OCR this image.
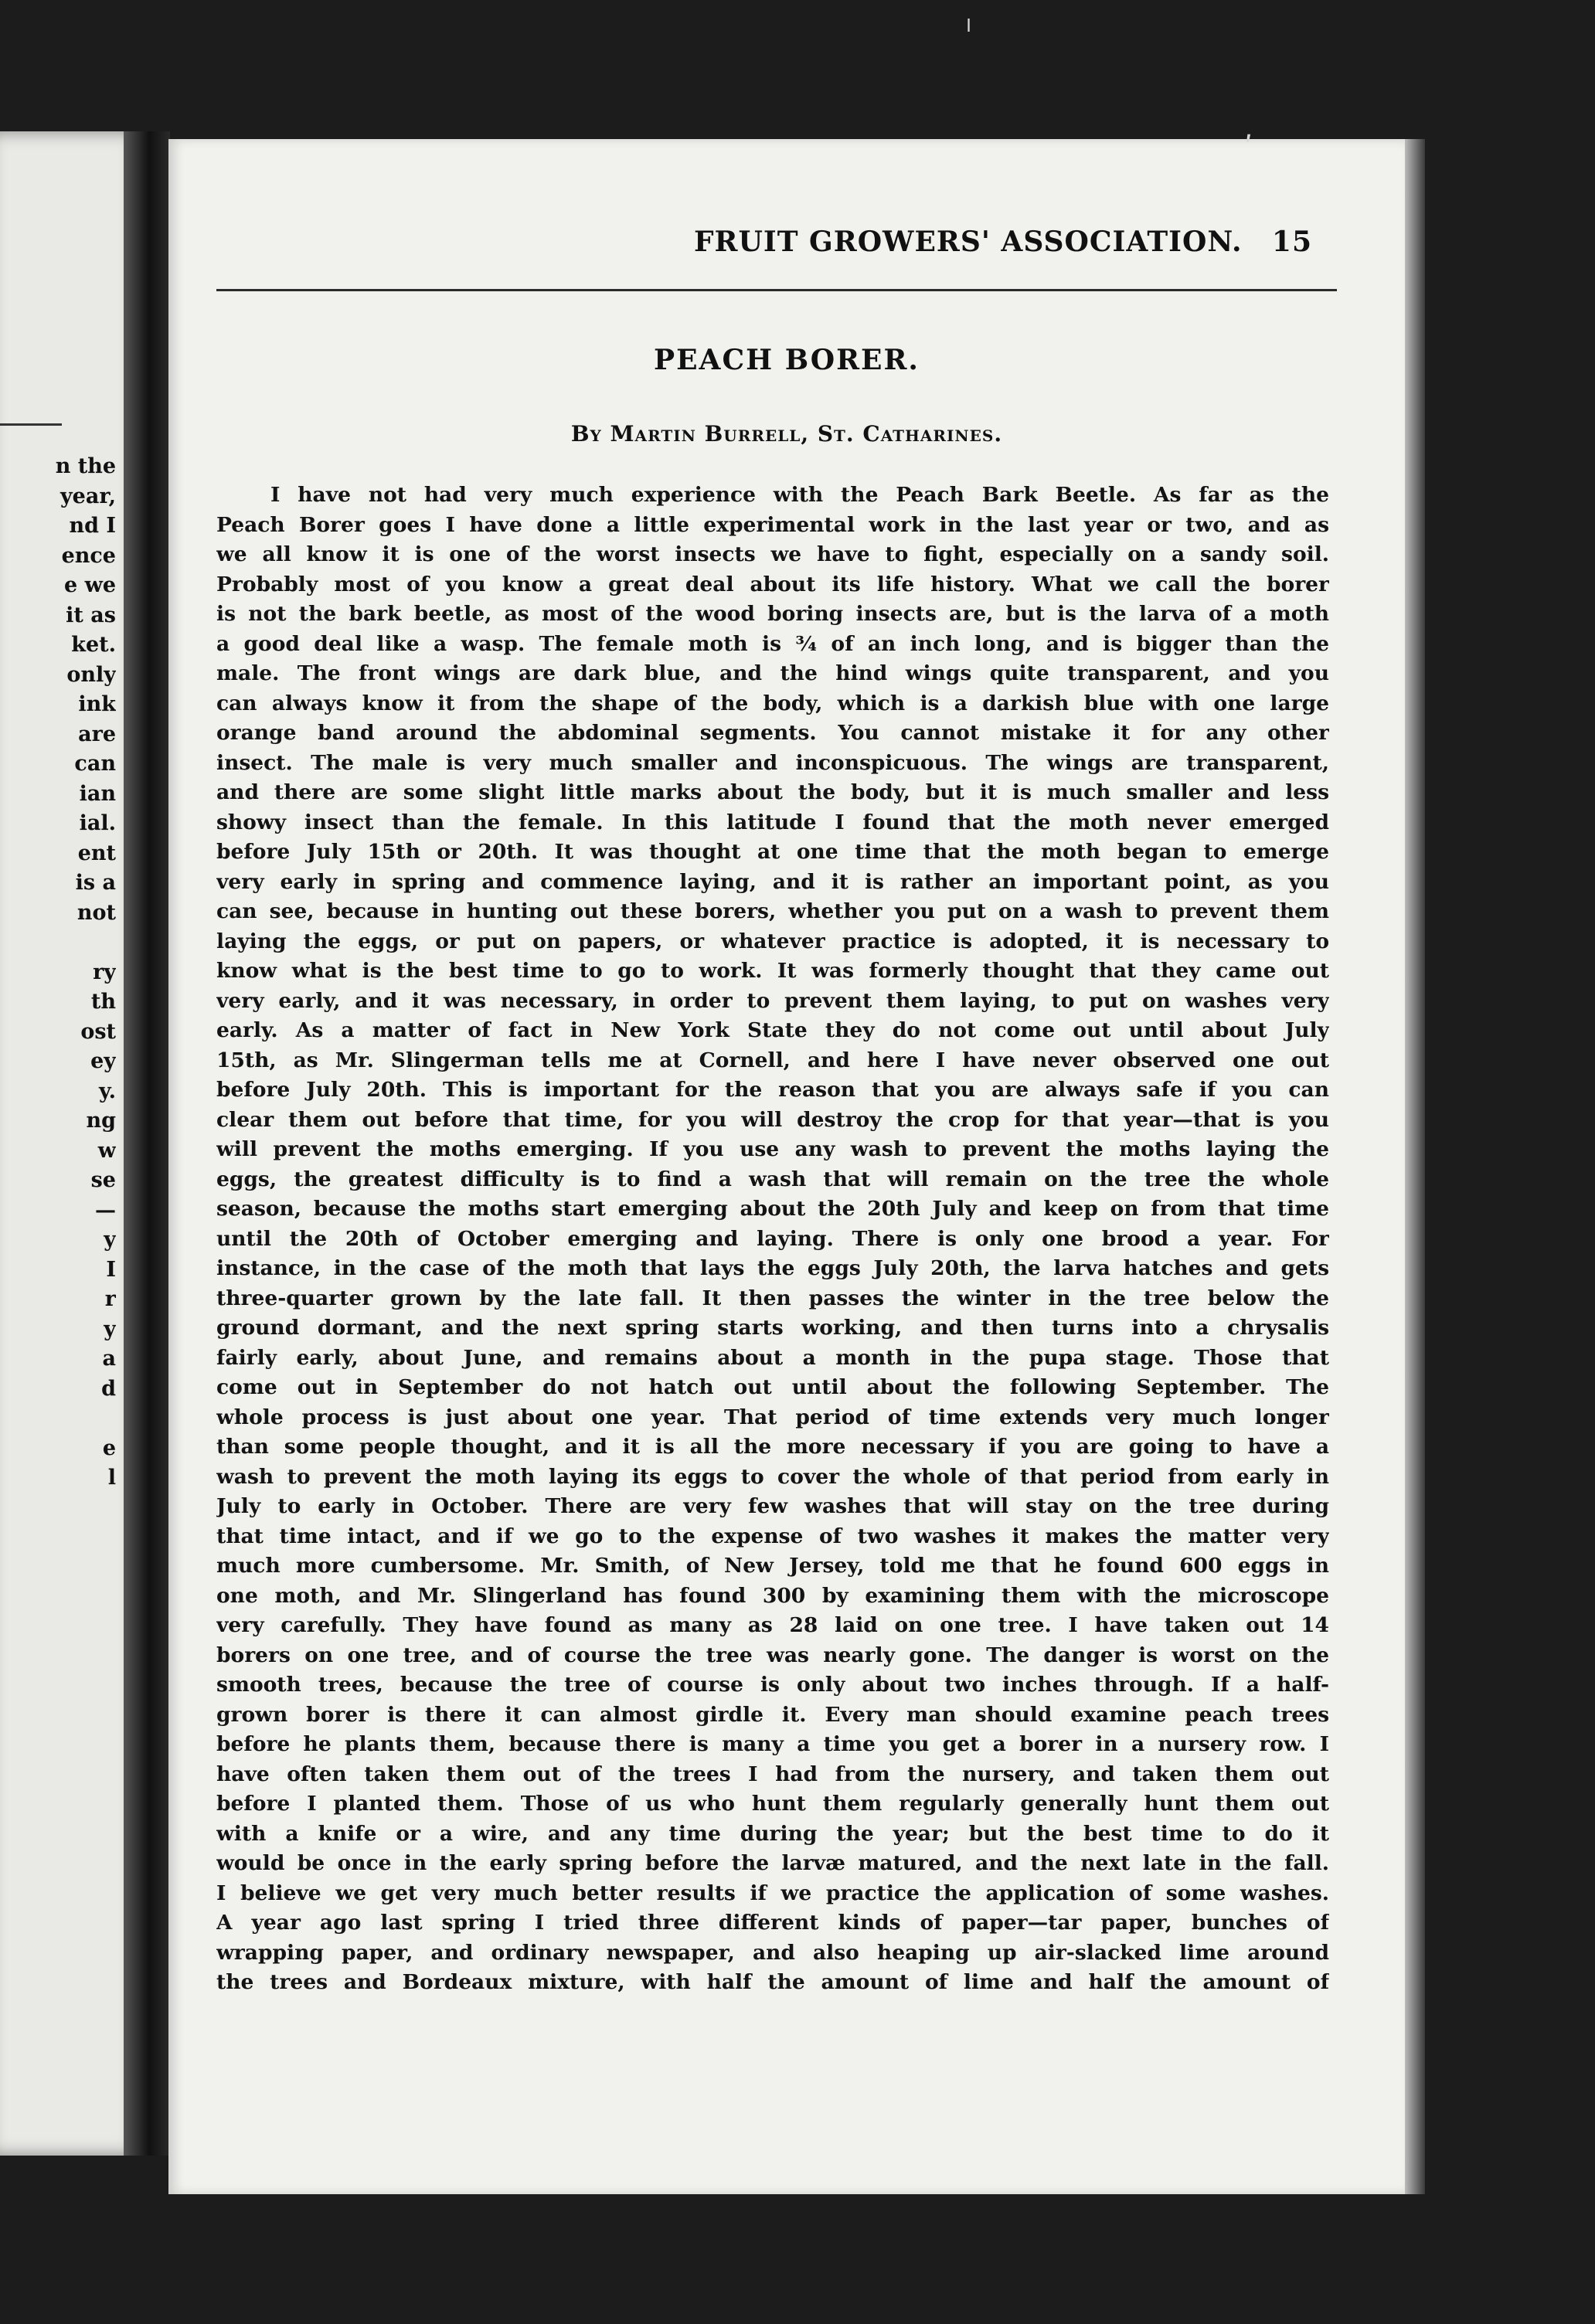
n the
year,
nd I
ence
e we
it as
ket.
only
ink
are
can
ian
ial.
ent
is a
not
ry
th
ost
ey
y.
ng
w
se
—
y
I
r
y
a
d
e
l
FRUIT GROWERS' ASSOCIATION. 15
PEACH BORER.
By Martin Burrell, St. Catharines.
I have not had very much experience with the Peach Bark Beetle. As far as the
Peach Borer goes I have done a little experimental work in the last year or two, and as
we all know it is one of the worst insects we have to fight, especially on a sandy soil.
Probably most of you know a great deal about its life history. What we call the borer
is not the bark beetle, as most of the wood boring insects are, but is the larva of a moth
a good deal like a wasp. The female moth is ¾ of an inch long, and is bigger than the
male. The front wings are dark blue, and the hind wings quite transparent, and you
can always know it from the shape of the body, which is a darkish blue with one large
orange band around the abdominal segments. You cannot mistake it for any other
insect. The male is very much smaller and inconspicuous. The wings are transparent,
and there are some slight little marks about the body, but it is much smaller and less
showy insect than the female. In this latitude I found that the moth never emerged
before July 15th or 20th. It was thought at one time that the moth began to emerge
very early in spring and commence laying, and it is rather an important point, as you
can see, because in hunting out these borers, whether you put on a wash to prevent them
laying the eggs, or put on papers, or whatever practice is adopted, it is necessary to
know what is the best time to go to work. It was formerly thought that they came out
very early, and it was necessary, in order to prevent them laying, to put on washes very
early. As a matter of fact in New York State they do not come out until about July
15th, as Mr. Slingerman tells me at Cornell, and here I have never observed one out
before July 20th. This is important for the reason that you are always safe if you can
clear them out before that time, for you will destroy the crop for that year—that is you
will prevent the moths emerging. If you use any wash to prevent the moths laying the
eggs, the greatest difficulty is to find a wash that will remain on the tree the whole
season, because the moths start emerging about the 20th July and keep on from that time
until the 20th of October emerging and laying. There is only one brood a year. For
instance, in the case of the moth that lays the eggs July 20th, the larva hatches and gets
three-quarter grown by the late fall. It then passes the winter in the tree below the
ground dormant, and the next spring starts working, and then turns into a chrysalis
fairly early, about June, and remains about a month in the pupa stage. Those that
come out in September do not hatch out until about the following September. The
whole process is just about one year. That period of time extends very much longer
than some people thought, and it is all the more necessary if you are going to have a
wash to prevent the moth laying its eggs to cover the whole of that period from early in
July to early in October. There are very few washes that will stay on the tree during
that time intact, and if we go to the expense of two washes it makes the matter very
much more cumbersome. Mr. Smith, of New Jersey, told me that he found 600 eggs in
one moth, and Mr. Slingerland has found 300 by examining them with the microscope
very carefully. They have found as many as 28 laid on one tree. I have taken out 14
borers on one tree, and of course the tree was nearly gone. The danger is worst on the
smooth trees, because the tree of course is only about two inches through. If a half-
grown borer is there it can almost girdle it. Every man should examine peach trees
before he plants them, because there is many a time you get a borer in a nursery row. I
have often taken them out of the trees I had from the nursery, and taken them out
before I planted them. Those of us who hunt them regularly generally hunt them out
with a knife or a wire, and any time during the year; but the best time to do it
would be once in the early spring before the larvæ matured, and the next late in the fall.
I believe we get very much better results if we practice the application of some washes.
A year ago last spring I tried three different kinds of paper—tar paper, bunches of
wrapping paper, and ordinary newspaper, and also heaping up air-slacked lime around
the trees and Bordeaux mixture, with half the amount of lime and half the amount of
ˡ
ʹ
